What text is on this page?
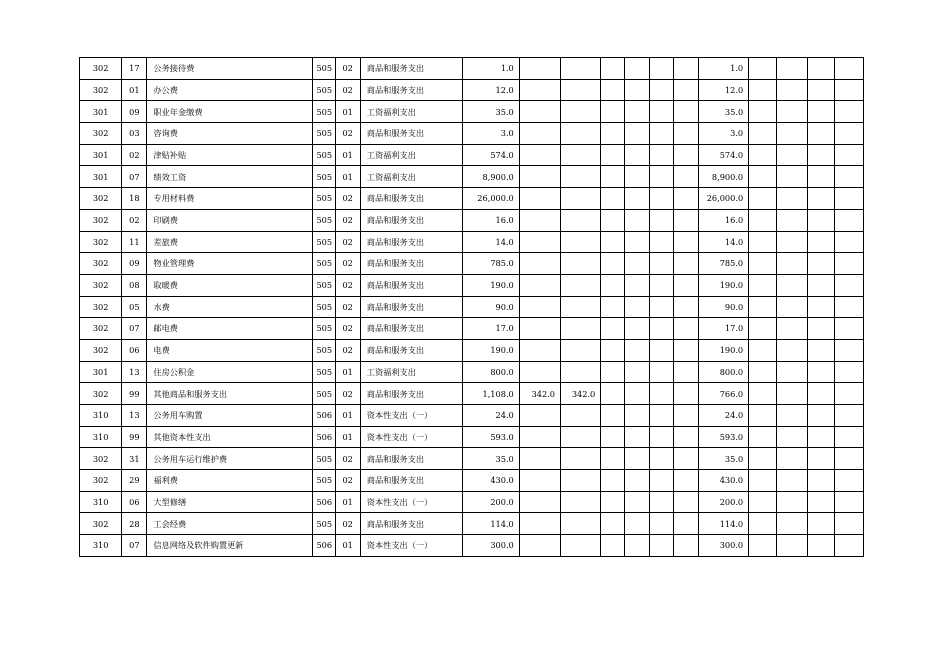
302	17	公务接待费	505	02	商品和服务支出	1.0							1.0				
302	01	办公费	505	02	商品和服务支出	12.0							12.0				
301	09	职业年金缴费	505	01	工资福利支出	35.0							35.0				
302	03	咨询费	505	02	商品和服务支出	3.0							3.0				
301	02	津贴补贴	505	01	工资福利支出	574.0							574.0				
301	07	绩效工资	505	01	工资福利支出	8,900.0							8,900.0				
302	18	专用材料费	505	02	商品和服务支出	26,000.0							26,000.0				
302	02	印刷费	505	02	商品和服务支出	16.0							16.0				
302	11	差旅费	505	02	商品和服务支出	14.0							14.0				
302	09	物业管理费	505	02	商品和服务支出	785.0							785.0				
302	08	取暖费	505	02	商品和服务支出	190.0							190.0				
302	05	水费	505	02	商品和服务支出	90.0							90.0				
302	07	邮电费	505	02	商品和服务支出	17.0							17.0				
302	06	电费	505	02	商品和服务支出	190.0							190.0				
301	13	住房公积金	505	01	工资福利支出	800.0							800.0				
302	99	其他商品和服务支出	505	02	商品和服务支出	1,108.0	342.0	342.0					766.0				
310	13	公务用车购置	506	01	资本性支出（一）	24.0							24.0				
310	99	其他资本性支出	506	01	资本性支出（一）	593.0							593.0				
302	31	公务用车运行维护费	505	02	商品和服务支出	35.0							35.0				
302	29	福利费	505	02	商品和服务支出	430.0							430.0				
310	06	大型修缮	506	01	资本性支出（一）	200.0							200.0				
302	28	工会经费	505	02	商品和服务支出	114.0							114.0				
310	07	信息网络及软件购置更新	506	01	资本性支出（一）	300.0							300.0				
